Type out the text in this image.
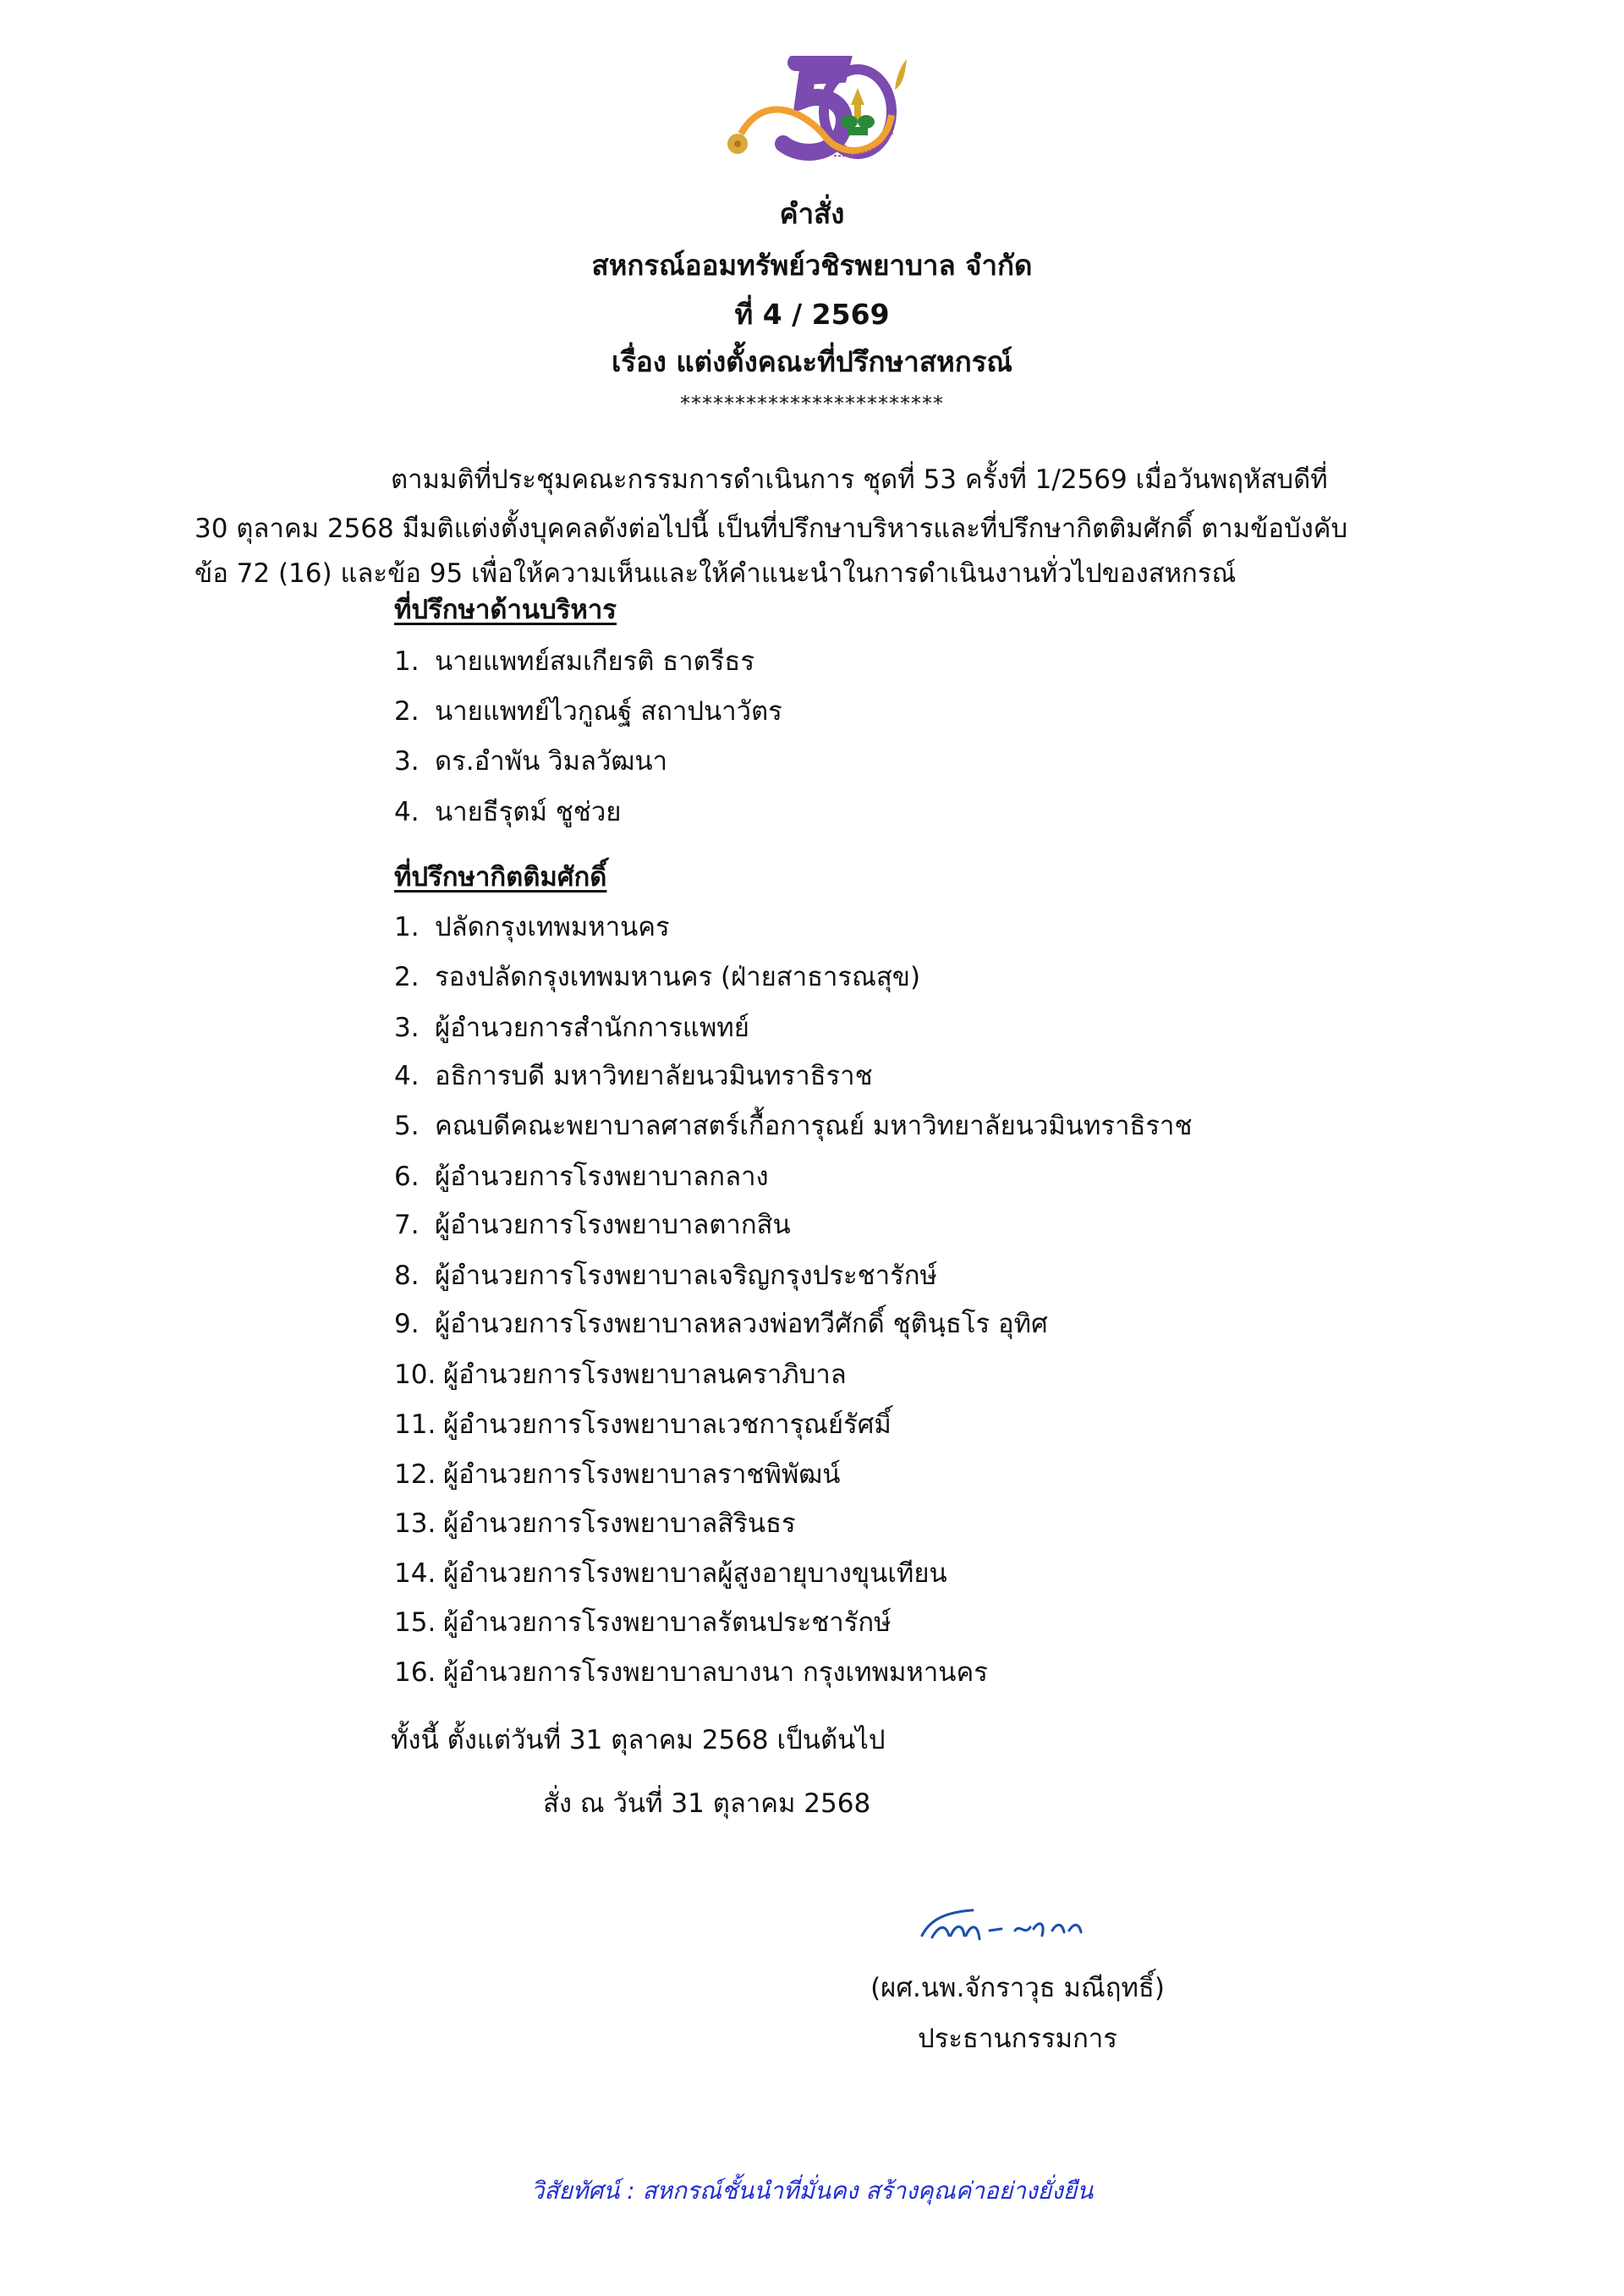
คำสั่ง
สหกรณ์ออมทรัพย์วชิรพยาบาล จำกัด
ที่ 4 / 2569
เรื่อง แต่งตั้งคณะที่ปรึกษาสหกรณ์
************************
ตามมติที่ประชุมคณะกรรมการดำเนินการ ชุดที่ 53 ครั้งที่ 1/2569 เมื่อวันพฤหัสบดีที่
30 ตุลาคม 2568 มีมติแต่งตั้งบุคคลดังต่อไปนี้ เป็นที่ปรึกษาบริหารและที่ปรึกษากิตติมศักดิ์ ตามข้อบังคับ
ข้อ 72 (16) และข้อ 95 เพื่อให้ความเห็นและให้คำแนะนำในการดำเนินงานทั่วไปของสหกรณ์
ที่ปรึกษาด้านบริหาร
1. นายแพทย์สมเกียรติ ธาตรีธร
2. นายแพทย์ไวกูณฐ์ สถาปนาวัตร
3. ดร.อำพัน วิมลวัฒนา
4. นายธีรุตม์ ชูช่วย
ที่ปรึกษากิตติมศักดิ์
1. ปลัดกรุงเทพมหานคร
2. รองปลัดกรุงเทพมหานคร (ฝ่ายสาธารณสุข)
3. ผู้อำนวยการสำนักการแพทย์
4. อธิการบดี มหาวิทยาลัยนวมินทราธิราช
5. คณบดีคณะพยาบาลศาสตร์เกื้อการุณย์ มหาวิทยาลัยนวมินทราธิราช
6. ผู้อำนวยการโรงพยาบาลกลาง
7. ผู้อำนวยการโรงพยาบาลตากสิน
8. ผู้อำนวยการโรงพยาบาลเจริญกรุงประชารักษ์
9. ผู้อำนวยการโรงพยาบาลหลวงพ่อทวีศักดิ์ ชุตินฺธโร อุทิศ
10. ผู้อำนวยการโรงพยาบาลนคราภิบาล
11. ผู้อำนวยการโรงพยาบาลเวชการุณย์รัศมิ์
12. ผู้อำนวยการโรงพยาบาลราชพิพัฒน์
13. ผู้อำนวยการโรงพยาบาลสิรินธร
14. ผู้อำนวยการโรงพยาบาลผู้สูงอายุบางขุนเทียน
15. ผู้อำนวยการโรงพยาบาลรัตนประชารักษ์
16. ผู้อำนวยการโรงพยาบาลบางนา กรุงเทพมหานคร
ทั้งนี้ ตั้งแต่วันที่ 31 ตุลาคม 2568 เป็นต้นไป
สั่ง ณ วันที่ 31 ตุลาคม 2568
(ผศ.นพ.จักราวุธ มณีฤทธิ์)
ประธานกรรมการ
วิสัยทัศน์ : สหกรณ์ชั้นนำที่มั่นคง สร้างคุณค่าอย่างยั่งยืน
